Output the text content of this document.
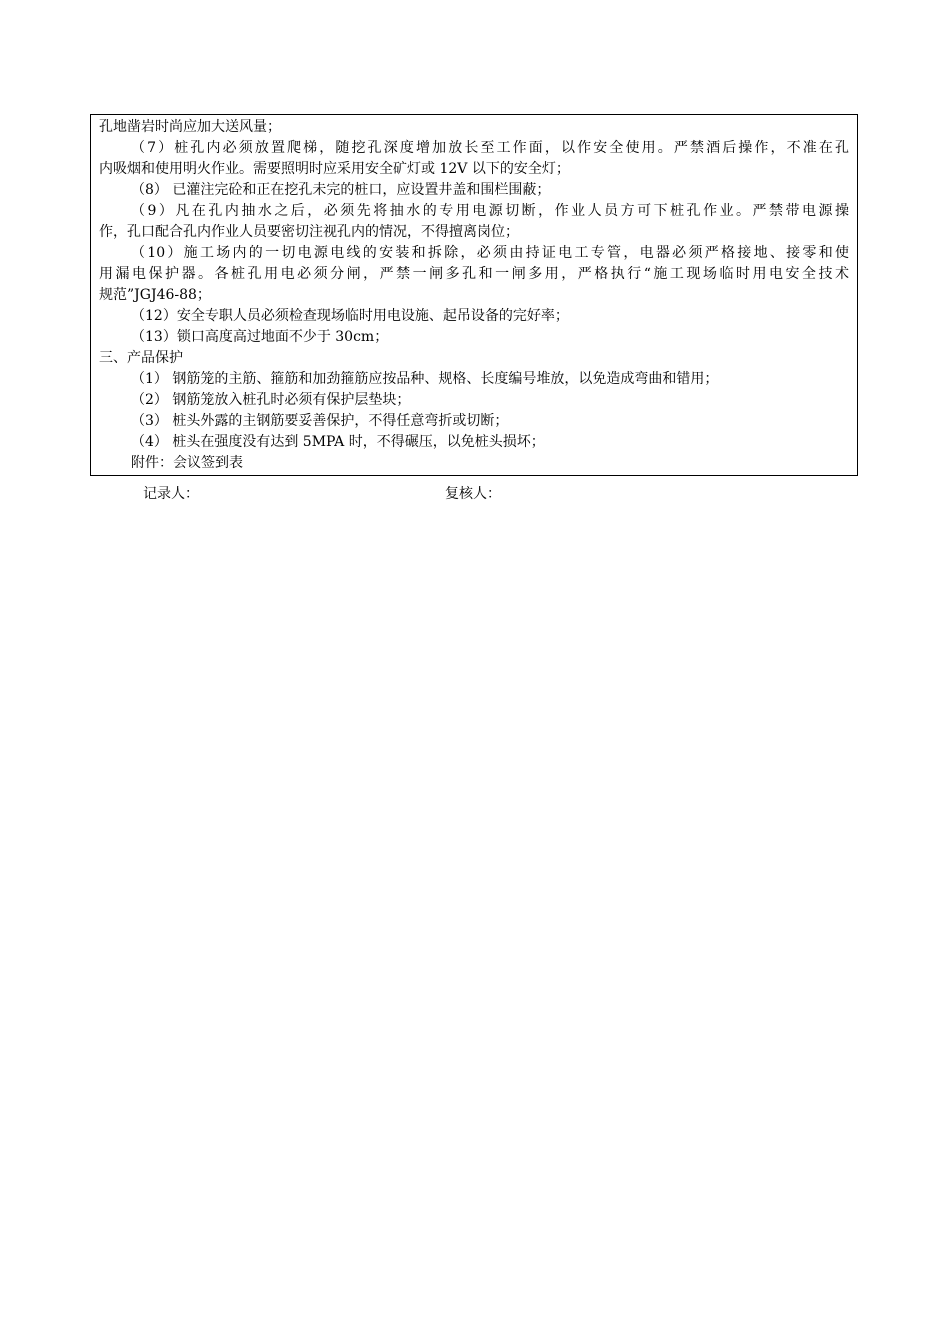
孔地凿岩时尚应加大送风量；

（7）桩孔内必须放置爬梯，随挖孔深度增加放长至工作面，以作安全使用。严禁酒后操作，不准在孔

内吸烟和使用明火作业。需要照明时应采用安全矿灯或 12V 以下的安全灯；

（8） 已灌注完砼和正在挖孔未完的桩口，应设置井盖和围栏围蔽；

（9）凡在孔内抽水之后，必须先将抽水的专用电源切断，作业人员方可下桩孔作业。严禁带电源操

作，孔口配合孔内作业人员要密切注视孔内的情况，不得擅离岗位；

（10）施工场内的一切电源电线的安装和拆除，必须由持证电工专管，电器必须严格接地、接零和使

用漏电保护器。各桩孔用电必须分闸，严禁一闸多孔和一闸多用，严格执行“施工现场临时用电安全技术

规范”JGJ46-88；

（12）安全专职人员必须检查现场临时用电设施、起吊设备的完好率；

（13）锁口高度高过地面不少于 30cm；

三、产品保护

（1） 钢筋笼的主筋、箍筋和加劲箍筋应按品种、规格、长度编号堆放，以免造成弯曲和错用；

（2） 钢筋笼放入桩孔时必须有保护层垫块；

（3） 桩头外露的主钢筋要妥善保护，不得任意弯折或切断；

（4） 桩头在强度没有达到 5MPA 时，不得碾压，以免桩头损坏；

附件：会议签到表

记录人：	复核人：
